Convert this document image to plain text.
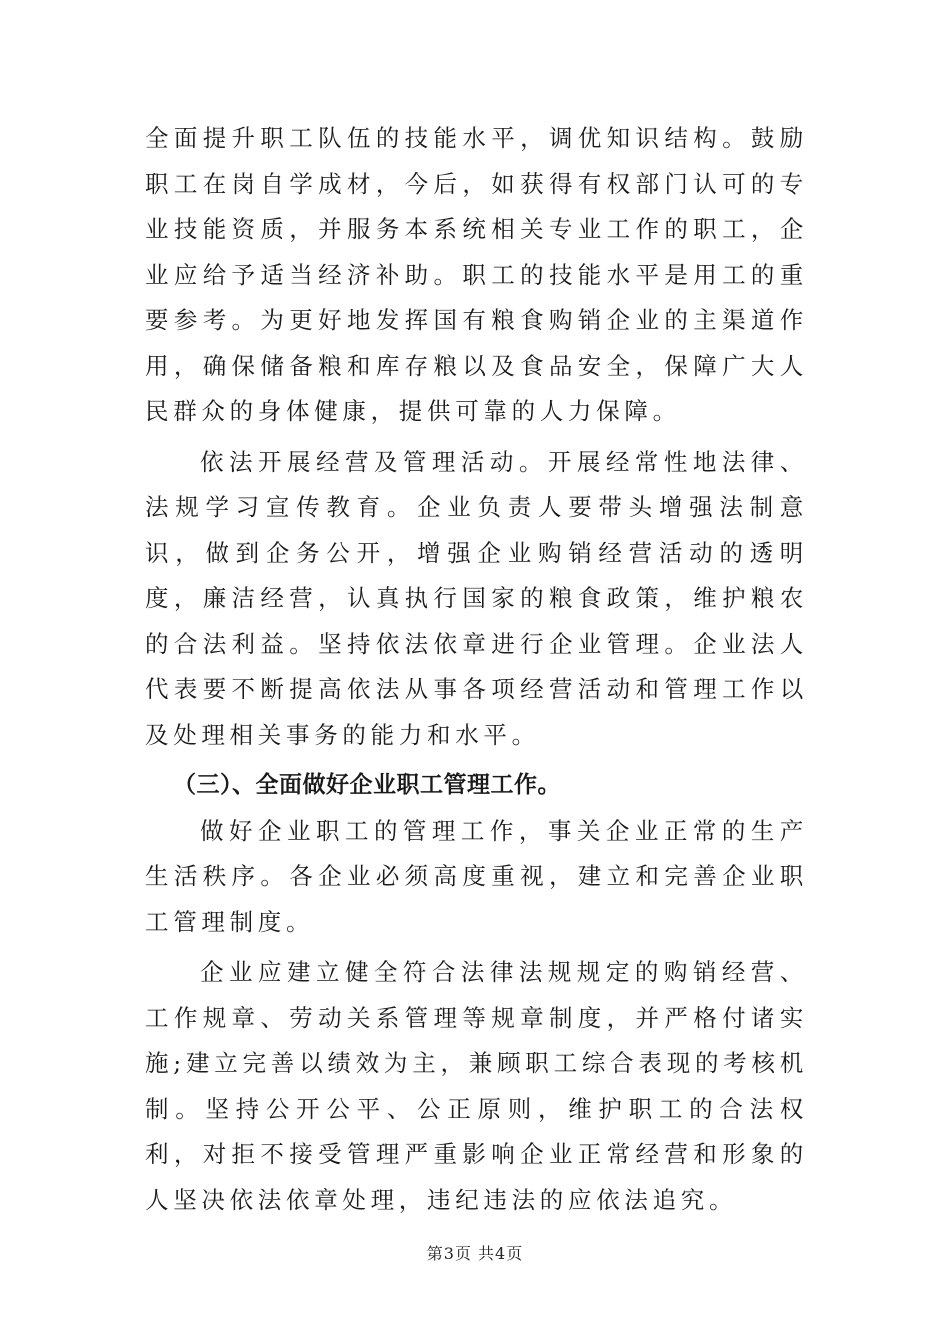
全面提升职工队伍的技能水平，调优知识结构。鼓励职工在岗自学成材，今后，如获得有权部门认可的专业技能资质，并服务本系统相关专业工作的职工，企业应给予适当经济补助。职工的技能水平是用工的重要参考。为更好地发挥国有粮食购销企业的主渠道作用，确保储备粮和库存粮以及食品安全，保障广大人民群众的身体健康，提供可靠的人力保障。

依法开展经营及管理活动。开展经常性地法律、法规学习宣传教育。企业负责人要带头增强法制意识，做到企务公开，增强企业购销经营活动的透明度，廉洁经营，认真执行国家的粮食政策，维护粮农的合法利益。坚持依法依章进行企业管理。企业法人代表要不断提高依法从事各项经营活动和管理工作以及处理相关事务的能力和水平。

（三）、全面做好企业职工管理工作。

做好企业职工的管理工作，事关企业正常的生产生活秩序。各企业必须高度重视，建立和完善企业职工管理制度。

企业应建立健全符合法律法规规定的购销经营、工作规章、劳动关系管理等规章制度，并严格付诸实施;建立完善以绩效为主，兼顾职工综合表现的考核机制。坚持公开公平、公正原则，维护职工的合法权利，对拒不接受管理严重影响企业正常经营和形象的人坚决依法依章处理，违纪违法的应依法追究。

第3页 共4页
